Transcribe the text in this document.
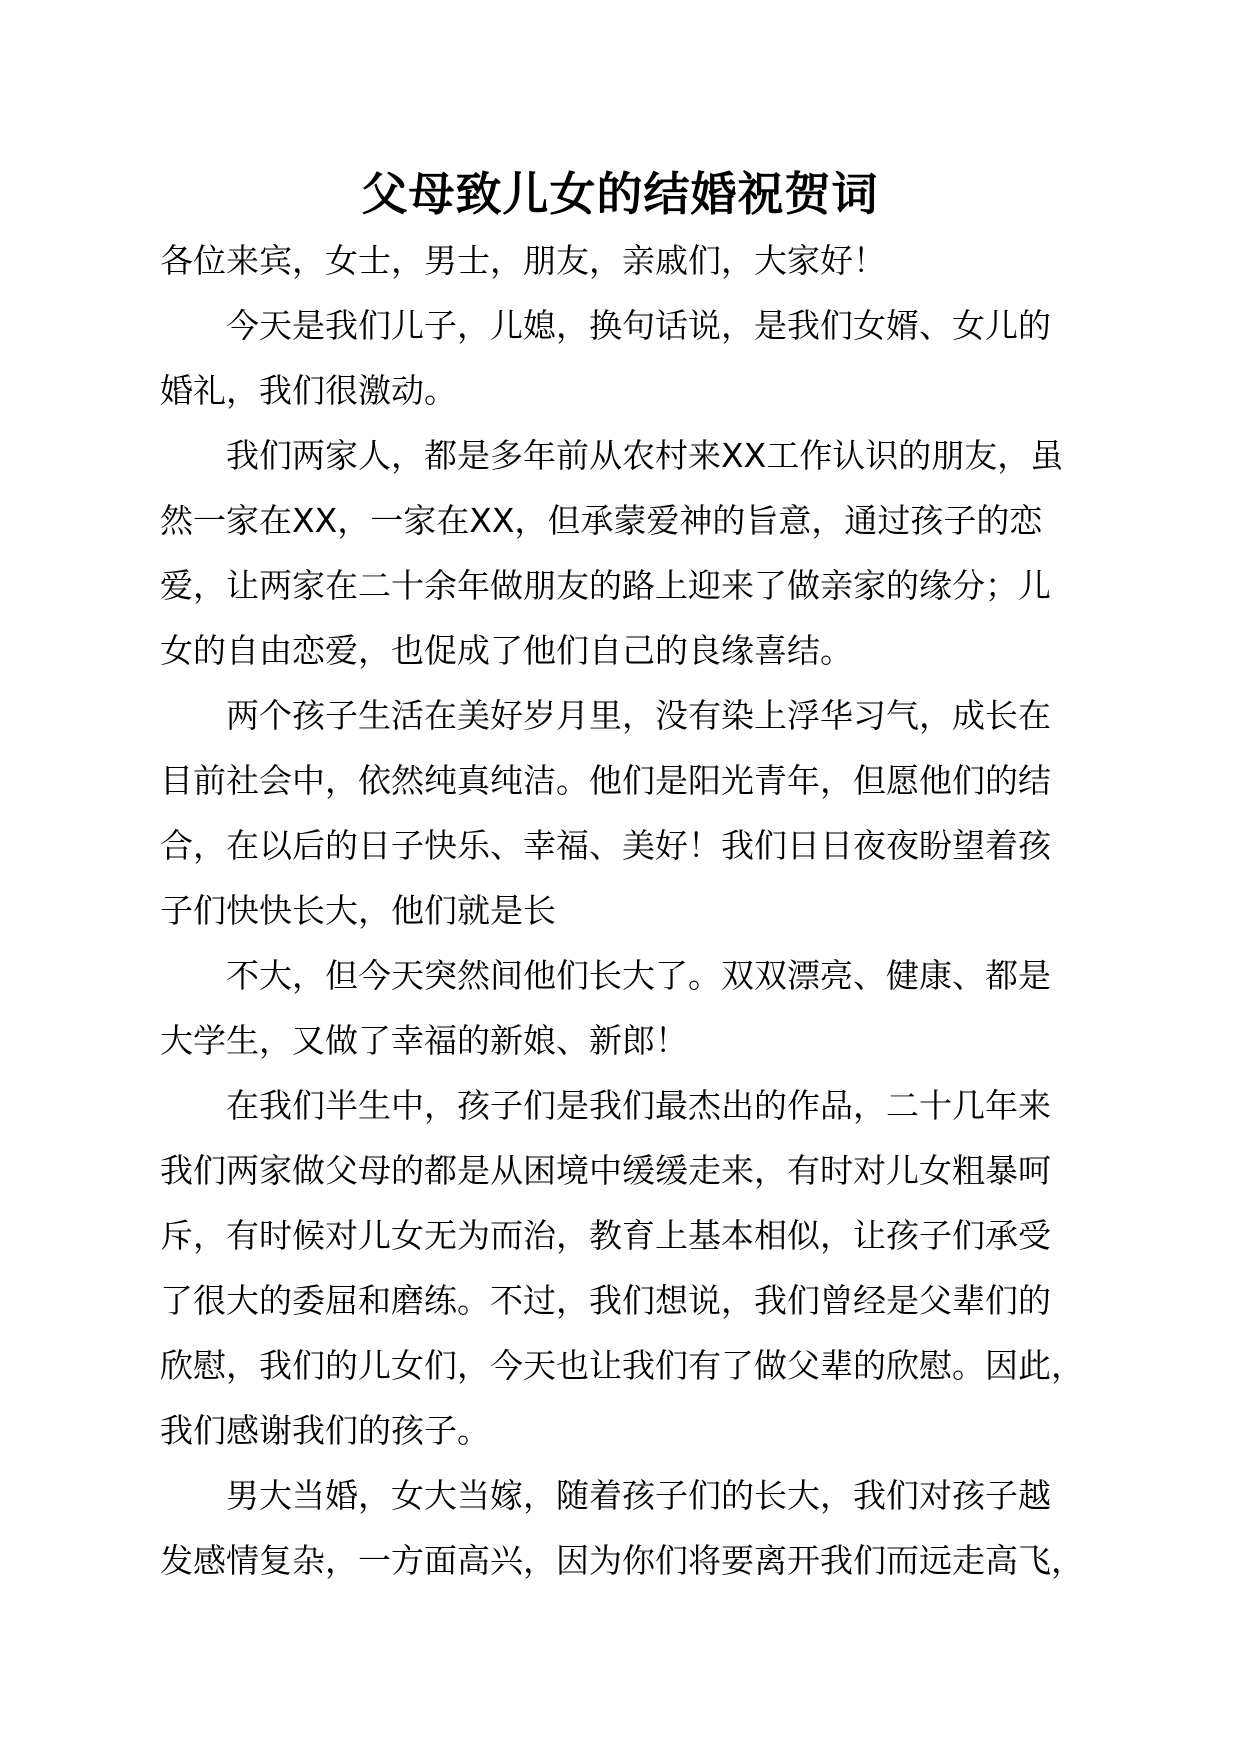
父母致儿女的结婚祝贺词

各位来宾，女士，男士，朋友，亲戚们，大家好！

今天是我们儿子，儿媳，换句话说，是我们女婿、女儿的

婚礼，我们很激动。

我们两家人，都是多年前从农村来XX工作认识的朋友，虽

然一家在XX，一家在XX，但承蒙爱神的旨意，通过孩子的恋

爱，让两家在二十余年做朋友的路上迎来了做亲家的缘分；儿

女的自由恋爱，也促成了他们自己的良缘喜结。

两个孩子生活在美好岁月里，没有染上浮华习气，成长在

目前社会中，依然纯真纯洁。他们是阳光青年，但愿他们的结

合，在以后的日子快乐、幸福、美好！我们日日夜夜盼望着孩

子们快快长大，他们就是长

不大，但今天突然间他们长大了。双双漂亮、健康、都是

大学生，又做了幸福的新娘、新郎！

在我们半生中，孩子们是我们最杰出的作品，二十几年来

我们两家做父母的都是从困境中缓缓走来，有时对儿女粗暴呵

斥，有时候对儿女无为而治，教育上基本相似，让孩子们承受

了很大的委屈和磨练。不过，我们想说，我们曾经是父辈们的

欣慰，我们的儿女们，今天也让我们有了做父辈的欣慰。因此，

我们感谢我们的孩子。

男大当婚，女大当嫁，随着孩子们的长大，我们对孩子越

发感情复杂，一方面高兴，因为你们将要离开我们而远走高飞，
